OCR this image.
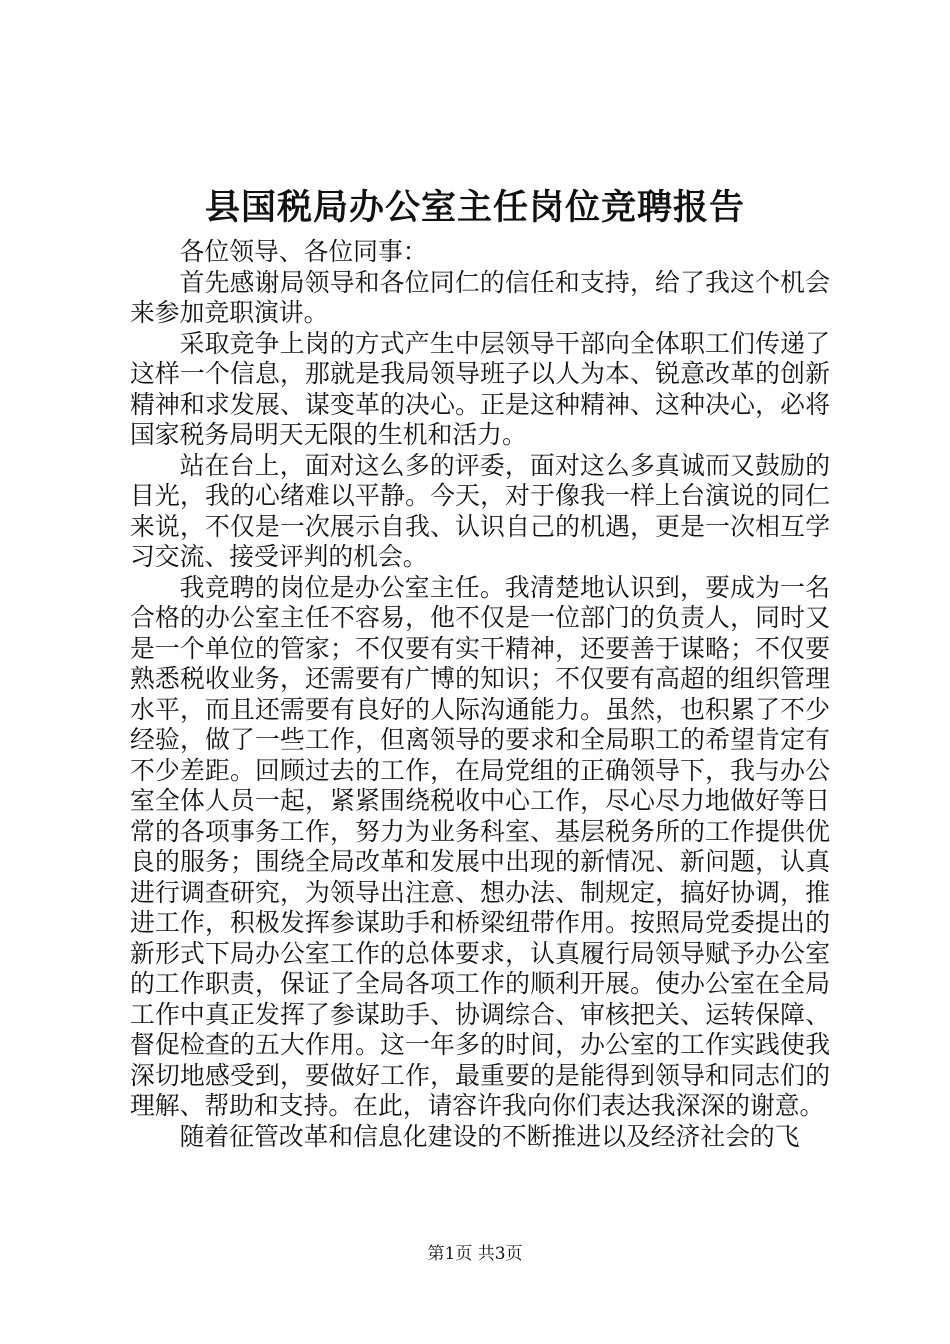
县国税局办公室主任岗位竞聘报告

各位领导、各位同事：

首先感谢局领导和各位同仁的信任和支持，给了我这个机会来参加竞职演讲。

采取竞争上岗的方式产生中层领导干部向全体职工们传递了这样一个信息，那就是我局领导班子以人为本、锐意改革的创新精神和求发展、谋变革的决心。正是这种精神、这种决心，必将国家税务局明天无限的生机和活力。

站在台上，面对这么多的评委，面对这么多真诚而又鼓励的目光，我的心绪难以平静。今天，对于像我一样上台演说的同仁来说，不仅是一次展示自我、认识自己的机遇，更是一次相互学习交流、接受评判的机会。

我竞聘的岗位是办公室主任。我清楚地认识到，要成为一名合格的办公室主任不容易，他不仅是一位部门的负责人，同时又是一个单位的管家；不仅要有实干精神，还要善于谋略；不仅要熟悉税收业务，还需要有广博的知识；不仅要有高超的组织管理水平，而且还需要有良好的人际沟通能力。虽然，也积累了不少经验，做了一些工作，但离领导的要求和全局职工的希望肯定有不少差距。回顾过去的工作，在局党组的正确领导下，我与办公室全体人员一起，紧紧围绕税收中心工作，尽心尽力地做好等日常的各项事务工作，努力为业务科室、基层税务所的工作提供优良的服务；围绕全局改革和发展中出现的新情况、新问题，认真进行调查研究，为领导出注意、想办法、制规定，搞好协调，推进工作，积极发挥参谋助手和桥梁纽带作用。按照局党委提出的新形式下局办公室工作的总体要求，认真履行局领导赋予办公室的工作职责，保证了全局各项工作的顺利开展。使办公室在全局工作中真正发挥了参谋助手、协调综合、审核把关、运转保障、督促检查的五大作用。这一年多的时间，办公室的工作实践使我深切地感受到，要做好工作，最重要的是能得到领导和同志们的理解、帮助和支持。在此，请容许我向你们表达我深深的谢意。

随着征管改革和信息化建设的不断推进以及经济社会的飞

第1页 共3页
